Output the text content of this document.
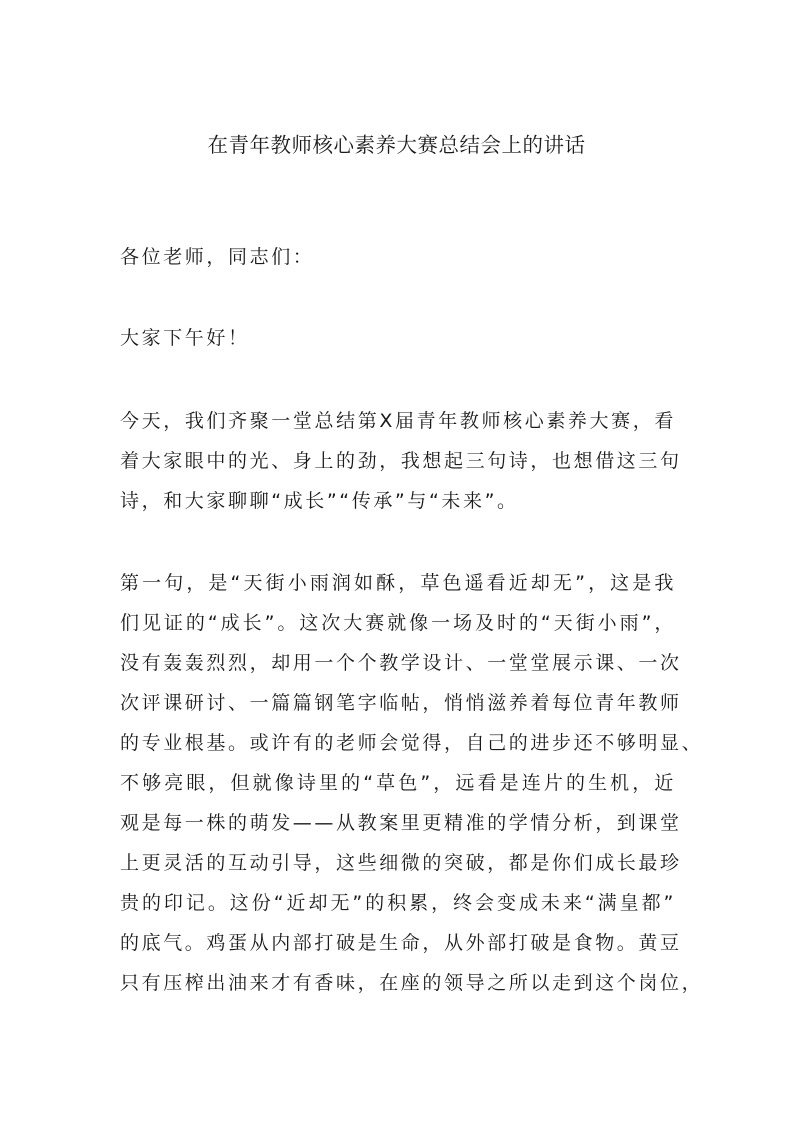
在青年教师核心素养大赛总结会上的讲话
各位老师，同志们：
大家下午好！
今天，我们齐聚一堂总结第X届青年教师核心素养大赛，看
着大家眼中的光、身上的劲，我想起三句诗，也想借这三句
诗，和大家聊聊“成长”“传承”与“未来”。
第一句，是“天街小雨润如酥，草色遥看近却无”，这是我
们见证的“成长”。这次大赛就像一场及时的“天街小雨”，
没有轰轰烈烈，却用一个个教学设计、一堂堂展示课、一次
次评课研讨、一篇篇钢笔字临帖，悄悄滋养着每位青年教师
的专业根基。或许有的老师会觉得，自己的进步还不够明显、
不够亮眼，但就像诗里的“草色”，远看是连片的生机，近
观是每一株的萌发——从教案里更精准的学情分析，到课堂
上更灵活的互动引导，这些细微的突破，都是你们成长最珍
贵的印记。这份“近却无”的积累，终会变成未来“满皇都”
的底气。鸡蛋从内部打破是生命，从外部打破是食物。黄豆
只有压榨出油来才有香味，在座的领导之所以走到这个岗位，
